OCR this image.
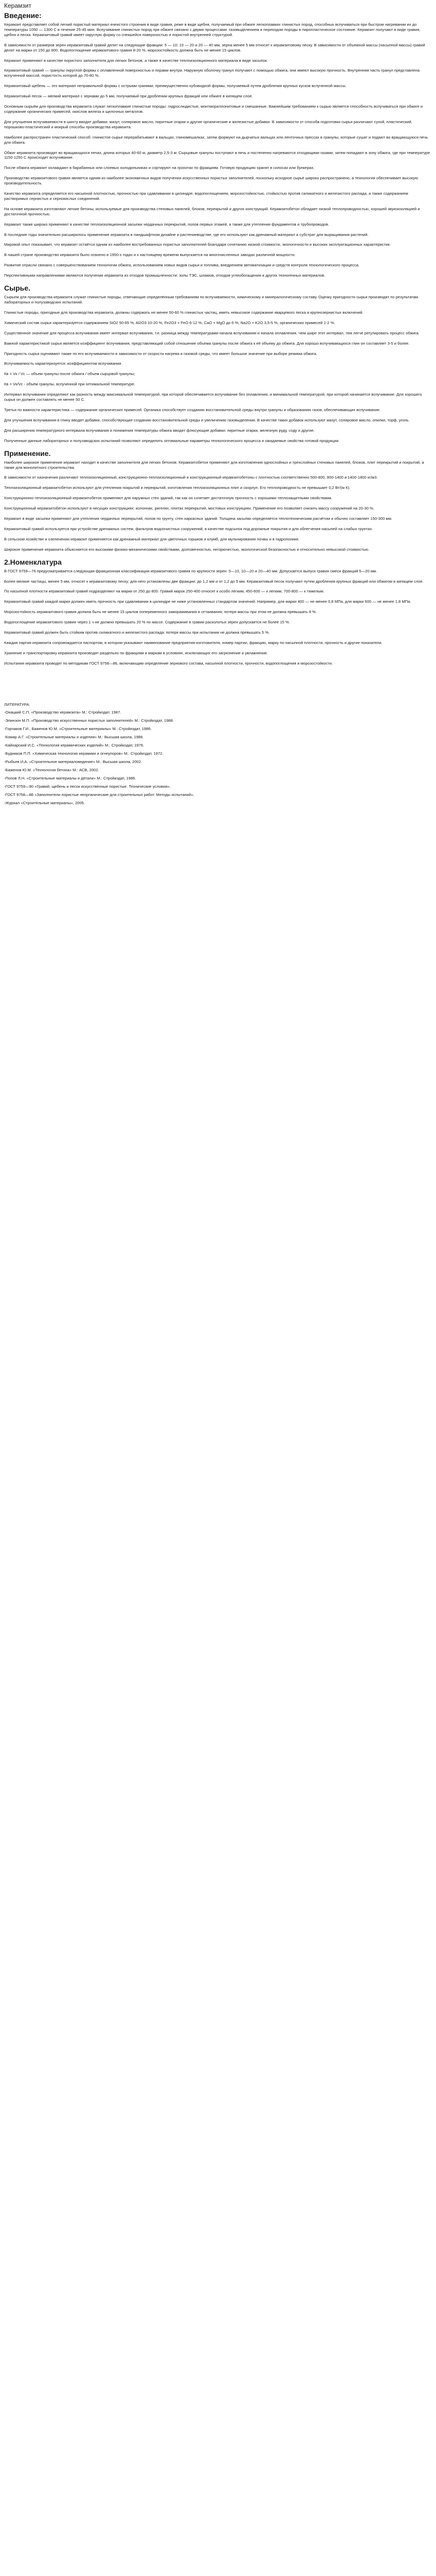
Керамзит
Введение:

Керамзит представляет собой легкий пористый материал ячеистого строения в виде гравия, реже в виде щебня, получаемый при обжиге легкоплавких глинистых пород, способных вспучиваться при быстром нагревании их до температуры 1050 — 1300 С в течение 25-45 мин. Вспучивание глинистых пород при обжиге связано с двумя процессами: газовыделением и переходом породы в пиропластическое состояние. Керамзит получают в виде гравия, щебня и песка. Керамзитовый гравий имеет округлую форму со спекшейся поверхностью и пористой внутренней структурой.

В зависимости от размеров зерен керамзитовый гравий делят на следующие фракции: 5 — 10; 10 — 20 и 20 — 40 мм, зерна менее 5 мм относят к керамзитовому песку. В зависимости от объемной массы (насыпной массы) гравий делят на марки от 150 до 800. Водопоглощение керамзитового гравия 8-20 %, морозостойкость должна быть не менее 15 циклов.

Керамзит применяют в качестве пористого заполнителя для легких бетонов, а также в качестве теплоизоляционного материала в виде засыпок.

Керамзитовый гравий — гранулы округлой формы с оплавленной поверхностью и порами внутри. Наружную оболочку гранул получают с помощью обжига, они имеют высокую прочность. Внутренняя часть гранул представлена вспученной массой, пористость которой до 70-80 %.

Керамзитовый щебень — это материал неправильной формы с острыми гранями, преимущественно кубовидной формы, получаемый путем дробления крупных кусков вспученной массы.

Керамзитовый песок — мелкий материал с зернами до 5 мм, получаемый при дроблении крупных фракций или обжиге в кипящем слое.

Основным сырьём для производства керамзита служат легкоплавкие глинистые породы: гидрослюдистые, монтмориллонитовые и смешанные. Важнейшим требованием к сырью является способность вспучиваться при обжиге и содержание органических примесей, окислов железа и щелочных металлов.

Для улучшения вспучиваемости в шихту вводят добавки: мазут, соляровое масло, пиритные огарки и другие органические и железистые добавки. В зависимости от способа подготовки сырья различают сухой, пластический, порошково-пластический и мокрый способы производства керамзита.

Наиболее распространен пластический способ: глинистое сырье перерабатывают в вальцах, глиномешалках, затем формуют на дырчатых вальцах или ленточных прессах в гранулы, которые сушат и подают во вращающуюся печь для обжига.

Обжиг керамзита производят во вращающихся печах, длина которых 40-60 м, диаметр 2,5-3 м. Сырцовые гранулы поступают в печь и постепенно нагреваются отходящими газами, затем попадают в зону обжига, где при температуре 1150-1250 С происходит вспучивание.

После обжига керамзит охлаждают в барабанных или слоевых холодильниках и сортируют на грохотах по фракциям. Готовую продукцию хранят в силосах или бункерах.

Производство керамзитового гравия является одним из наиболее экономичных видов получения искусственных пористых заполнителей, поскольку исходное сырьё широко распространено, а технология обеспечивает высокую производительность.

Качество керамзита определяется его насыпной плотностью, прочностью при сдавливании в цилиндре, водопоглощением, морозостойкостью, стойкостью против силикатного и железистого распада, а также содержанием растворимых сернистых и сернокислых соединений.

На основе керамзита изготовляют легкие бетоны, используемые для производства стеновых панелей, блоков, перекрытий и других конструкций. Керамзитобетон обладает низкой теплопроводностью, хорошей звукоизоляцией и достаточной прочностью.

Керамзит также широко применяют в качестве теплоизоляционной засыпки чердачных перекрытий, полов первых этажей, а также для утепления фундаментов и трубопроводов.

В последние годы значительно расширилось применение керамзита в ландшафтном дизайне и растениеводстве, где его используют как дренажный материал и субстрат для выращивания растений.

Мировой опыт показывает, что керамзит остаётся одним из наиболее востребованных пористых заполнителей благодаря сочетанию низкой стоимости, экологичности и высоких эксплуатационных характеристик.

В нашей стране производство керамзита было освоено в 1950-х годах и к настоящему времени выпускается на многочисленных заводах различной мощности.

Развитие отрасли связано с совершенствованием технологии обжига, использованием новых видов сырья и топлива, внедрением автоматизации и средств контроля технологического процесса.

Перспективными направлениями являются получение керамзита из отходов промышленности: золы ТЭС, шламов, отходов углеобогащения и других техногенных материалов.

Сырье.

Сырьем для производства керамзита служат глинистые породы, отвечающие определённым требованиям по вспучиваемости, химическому и минералогическому составу. Оценку пригодности сырья производят по результатам лабораторных и полузаводских испытаний.

Глинистые породы, пригодные для производства керамзита, должны содержать не менее 50-60 % глинистых частиц, иметь невысокое содержание кварцевого песка и крупнозернистых включений.

Химический состав сырья характеризуется содержанием SiO2 50-65 %, Al2O3 10-20 %, Fe2O3 + FeO 6-12 %, CaO + MgO до 6 %, Na2O + K2O 3,5-5 %, органических примесей 1-2 %.

Существенное значение для процесса вспучивания имеет интервал вспучивания, т.е. разница между температурами начала вспучивания и начала оплавления. Чем шире этот интервал, тем легче регулировать процесс обжига.

Важной характеристикой сырья является коэффициент вспучивания, представляющий собой отношение объема гранулы после обжига к её объему до обжига. Для хорошо вспучивающихся глин он составляет 3-5 и более.

Пригодность сырья оценивают также по его вспучиваемости в зависимости от скорости нагрева и газовой среды, что имеет большое значение при выборе режима обжига.

Вспучиваемость характеризуется: коэффициентом вспучивания

Кв = Vк / Vс — объем гранулы после обжига / объем сырцовой гранулы;

Кв = Vк/Vс - объём гранулы, вспученной при оптимальной температуре.

Интервал вспучивания определяют как разность между максимальной температурой, при которой обеспечивается вспучивание без оплавления, и минимальной температурой, при которой начинается вспучивание. Для хорошего сырья он должен составлять не менее 50 С.

Третья по важности характеристика — содержание органических примесей. Органика способствует созданию восстановительной среды внутри гранулы и образованию газов, обеспечивающих вспучивание.

Для улучшения вспучивания в глину вводят добавки, способствующие созданию восстановительной среды и увеличению газовыделения. В качестве таких добавок используют мазут, соляровое масло, опилки, торф, уголь.

Для расширения температурного интервала вспучивания и понижения температуры обжига вводят флюсующие добавки: пиритные огарки, железную руду, соду и другие.

Полученные данные лабораторных и полузаводских испытаний позволяют определить оптимальные параметры технологического процесса и ожидаемые свойства готовой продукции.

Применение.

Наиболее широкое применение керамзит находит в качестве заполнителя для легких бетонов. Керамзитобетон применяют для изготовления однослойных и трехслойных стеновых панелей, блоков, плит перекрытий и покрытий, а также для монолитного строительства.

В зависимости от назначения различают теплоизоляционный, конструкционно-теплоизоляционный и конструкционный керамзитобетоны с плотностью соответственно 500-800, 800-1400 и 1400-1800 кг/м3.

Теплоизоляционный керамзитобетон используют для утепления покрытий и перекрытий, изготовления теплоизоляционных плит и скорлуп. Его теплопроводность не превышает 0,2 Вт/(м К).

Конструкционно-теплоизоляционный керамзитобетон применяют для наружных стен зданий, так как он сочетает достаточную прочность с хорошими теплозащитными свойствами.

Конструкционный керамзитобетон используют в несущих конструкциях: колоннах, ригелях, плитах перекрытий, мостовых конструкциях. Применение его позволяет снизить массу сооружений на 20-30 %.

Керамзит в виде засыпки применяют для утепления чердачных перекрытий, полов по грунту, стен каркасных зданий. Толщина засыпки определяется теплотехническим расчётом и обычно составляет 150-300 мм.

Керамзитовый гравий используется при устройстве дренажных систем, фильтров водоочистных сооружений, в качестве подсыпок под дорожные покрытия и для облегчения насыпей на слабых грунтах.

В сельском хозяйстве и озеленении керамзит применяется как дренажный материал для цветочных горшков и клумб, для мульчирования почвы и в гидропонике.

Широкое применение керамзита объясняется его высокими физико-механическими свойствами, долговечностью, негорючестью, экологической безопасностью и относительно невысокой стоимостью.

2.Номенклатура

В ГОСТ 9759—76 предусматривается следующая фракционная классификация керамзитового гравия по крупности зерен: 5—10, 10—20 и 20—40 мм. Допускается выпуск гравия смеси фракций 5—20 мм.

Более мелкие частицы, менее 5 мм, относят к керамзитовому песку; для него установлены две фракции: до 1,2 мм и от 1,2 до 5 мм. Керамзитовый песок получают путем дробления крупных фракций или обжигом в кипящем слое.

По насыпной плотности керамзитовый гравий подразделяют на марки от 250 до 800. Гравий марок 250-400 относят к особо легким, 450-600 — к легким, 700-800 — к тяжелым.

Керамзитовый гравий каждой марки должен иметь прочность при сдавливании в цилиндре не ниже установленных стандартом значений. Например, для марки 400 — не менее 0,8 МПа, для марки 600 — не менее 1,8 МПа.

Морозостойкость керамзитового гравия должна быть не менее 15 циклов попеременного замораживания и оттаивания; потеря массы при этом не должна превышать 8 %.

Водопоглощение керамзитового гравия через 1 ч не должно превышать 20 % по массе. Содержание в гравии расколотых зерен допускается не более 15 %.

Керамзитовый гравий должен быть стойким против силикатного и железистого распада: потеря массы при испытании не должна превышать 5 %.

Каждая партия керамзита сопровождается паспортом, в котором указывают наименование предприятия-изготовителя, номер партии, фракцию, марку по насыпной плотности, прочность и другие показатели.

Хранение и транспортировку керамзита производят раздельно по фракциям и маркам в условиях, исключающих его загрязнение и увлажнение.

Испытания керамзита проводят по методикам ГОСТ 9758—86, включающим определение зернового состава, насыпной плотности, прочности, водопоглощения и морозостойкости.

ЛИТЕРАТУРА:

-Онацкий С.П. «Производство керамзита» М.: Стройиздат, 1987.

-Элинзон М.П. «Производство искусственных пористых заполнителей» М.: Стройиздат, 1988.

-Горчаков Г.И., Баженов Ю.М. «Строительные материалы» М.: Стройиздат, 1986.

-Комар А.Г. «Строительные материалы и изделия» М.: Высшая школа, 1988.

-Кайнарский И.С. «Технология керамических изделий» М.: Стройиздат, 1976.

-Будников П.П. «Химическая технология керамики и огнеупоров» М.: Стройиздат, 1972.

-Рыбьев И.А. «Строительное материаловедение» М.: Высшая школа, 2002.

-Баженов Ю.М. «Технология бетона» М.: АСВ, 2002.

-Попов Л.Н. «Строительные материалы и детали» М.: Стройиздат, 1986.

-ГОСТ 9759—90 «Гравий, щебень и песок искусственные пористые. Технические условия».

-ГОСТ 9758—86 «Заполнители пористые неорганические для строительных работ. Методы испытаний».

-Журнал «Строительные материалы», 2005.
